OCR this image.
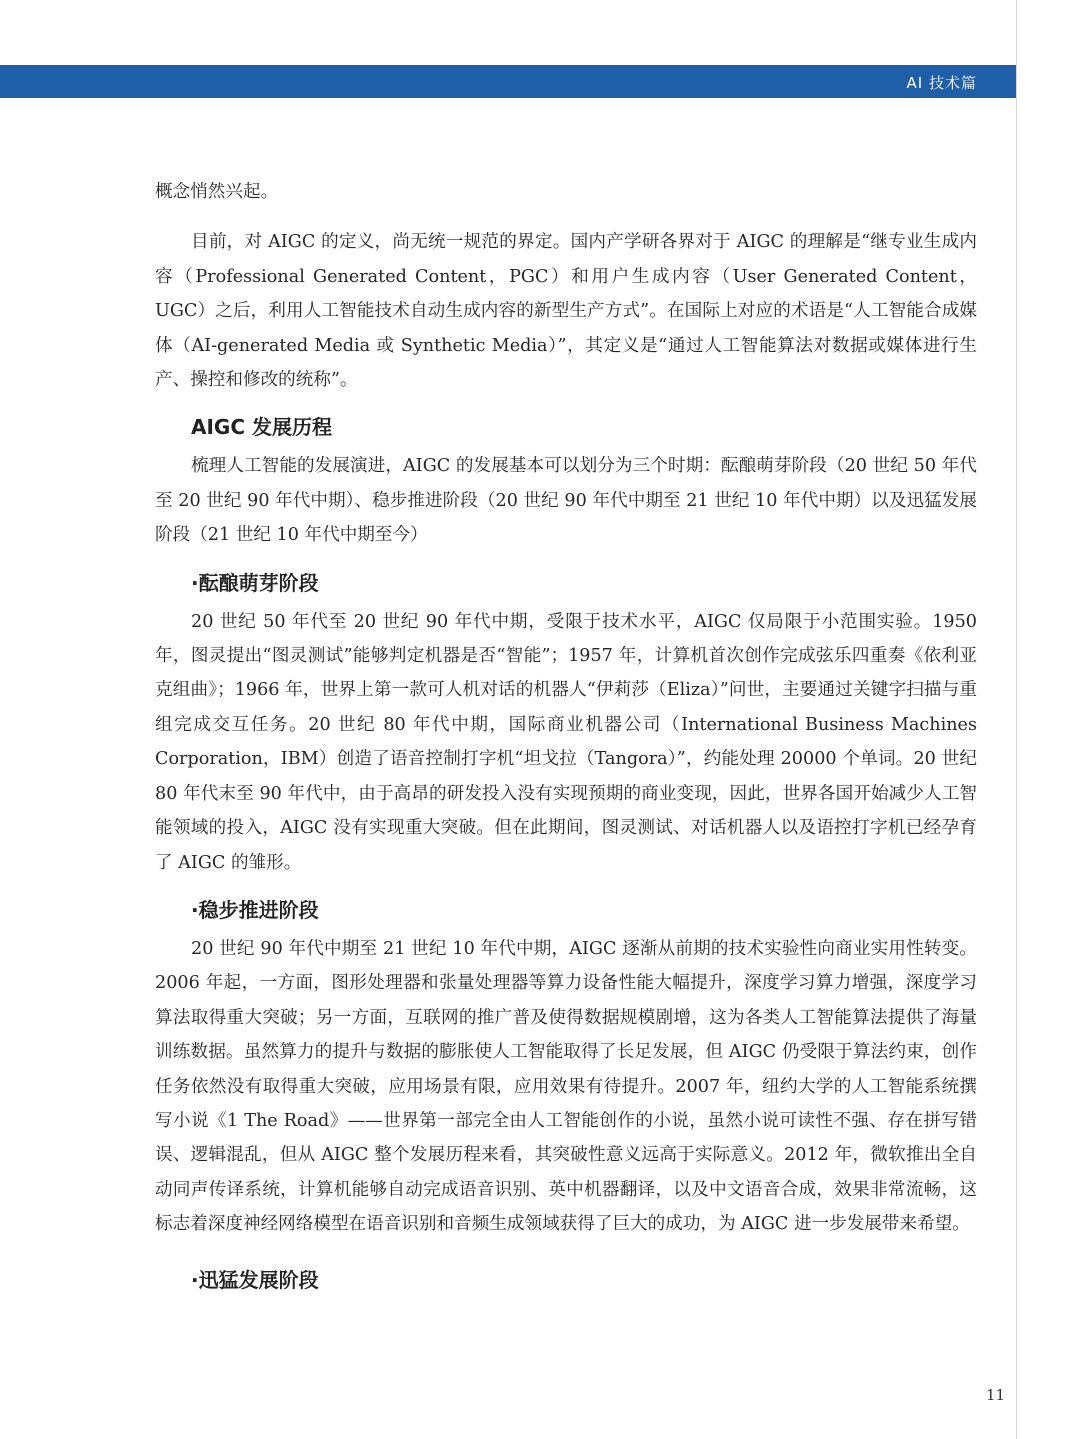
AI 技术篇

概念悄然兴起。

目前，对 AIGC 的定义，尚无统一规范的界定。国内产学研各界对于 AIGC 的理解是“继专业生成内容（Professional Generated Content，PGC）和用户生成内容（User Generated Content，UGC）之后，利用人工智能技术自动生成内容的新型生产方式”。在国际上对应的术语是“人工智能合成媒体（AI-generated Media 或 Synthetic Media）”，其定义是“通过人工智能算法对数据或媒体进行生产、操控和修改的统称”。

AIGC 发展历程

梳理人工智能的发展演进，AIGC 的发展基本可以划分为三个时期：酝酿萌芽阶段（20 世纪 50 年代至 20 世纪 90 年代中期）、稳步推进阶段（20 世纪 90 年代中期至 21 世纪 10 年代中期）以及迅猛发展阶段（21 世纪 10 年代中期至今）

·酝酿萌芽阶段

20 世纪 50 年代至 20 世纪 90 年代中期，受限于技术水平，AIGC 仅局限于小范围实验。1950 年，图灵提出“图灵测试”能够判定机器是否“智能”；1957 年，计算机首次创作完成弦乐四重奏《依利亚克组曲》；1966 年，世界上第一款可人机对话的机器人“伊莉莎（Eliza）”问世，主要通过关键字扫描与重组完成交互任务。20 世纪 80 年代中期，国际商业机器公司（International Business Machines Corporation，IBM）创造了语音控制打字机“坦戈拉（Tangora）”，约能处理 20000 个单词。20 世纪 80 年代末至 90 年代中，由于高昂的研发投入没有实现预期的商业变现，因此，世界各国开始减少人工智能领域的投入，AIGC 没有实现重大突破。但在此期间，图灵测试、对话机器人以及语控打字机已经孕育了 AIGC 的雏形。

·稳步推进阶段

20 世纪 90 年代中期至 21 世纪 10 年代中期，AIGC 逐渐从前期的技术实验性向商业实用性转变。2006 年起，一方面，图形处理器和张量处理器等算力设备性能大幅提升，深度学习算力增强，深度学习算法取得重大突破；另一方面，互联网的推广普及使得数据规模剧增，这为各类人工智能算法提供了海量训练数据。虽然算力的提升与数据的膨胀使人工智能取得了长足发展，但 AIGC 仍受限于算法约束，创作任务依然没有取得重大突破，应用场景有限，应用效果有待提升。2007 年，纽约大学的人工智能系统撰写小说《1 The Road》——世界第一部完全由人工智能创作的小说，虽然小说可读性不强、存在拼写错误、逻辑混乱，但从 AIGC 整个发展历程来看，其突破性意义远高于实际意义。2012 年，微软推出全自动同声传译系统，计算机能够自动完成语音识别、英中机器翻译，以及中文语音合成，效果非常流畅，这标志着深度神经网络模型在语音识别和音频生成领域获得了巨大的成功，为 AIGC 进一步发展带来希望。

·迅猛发展阶段
11
